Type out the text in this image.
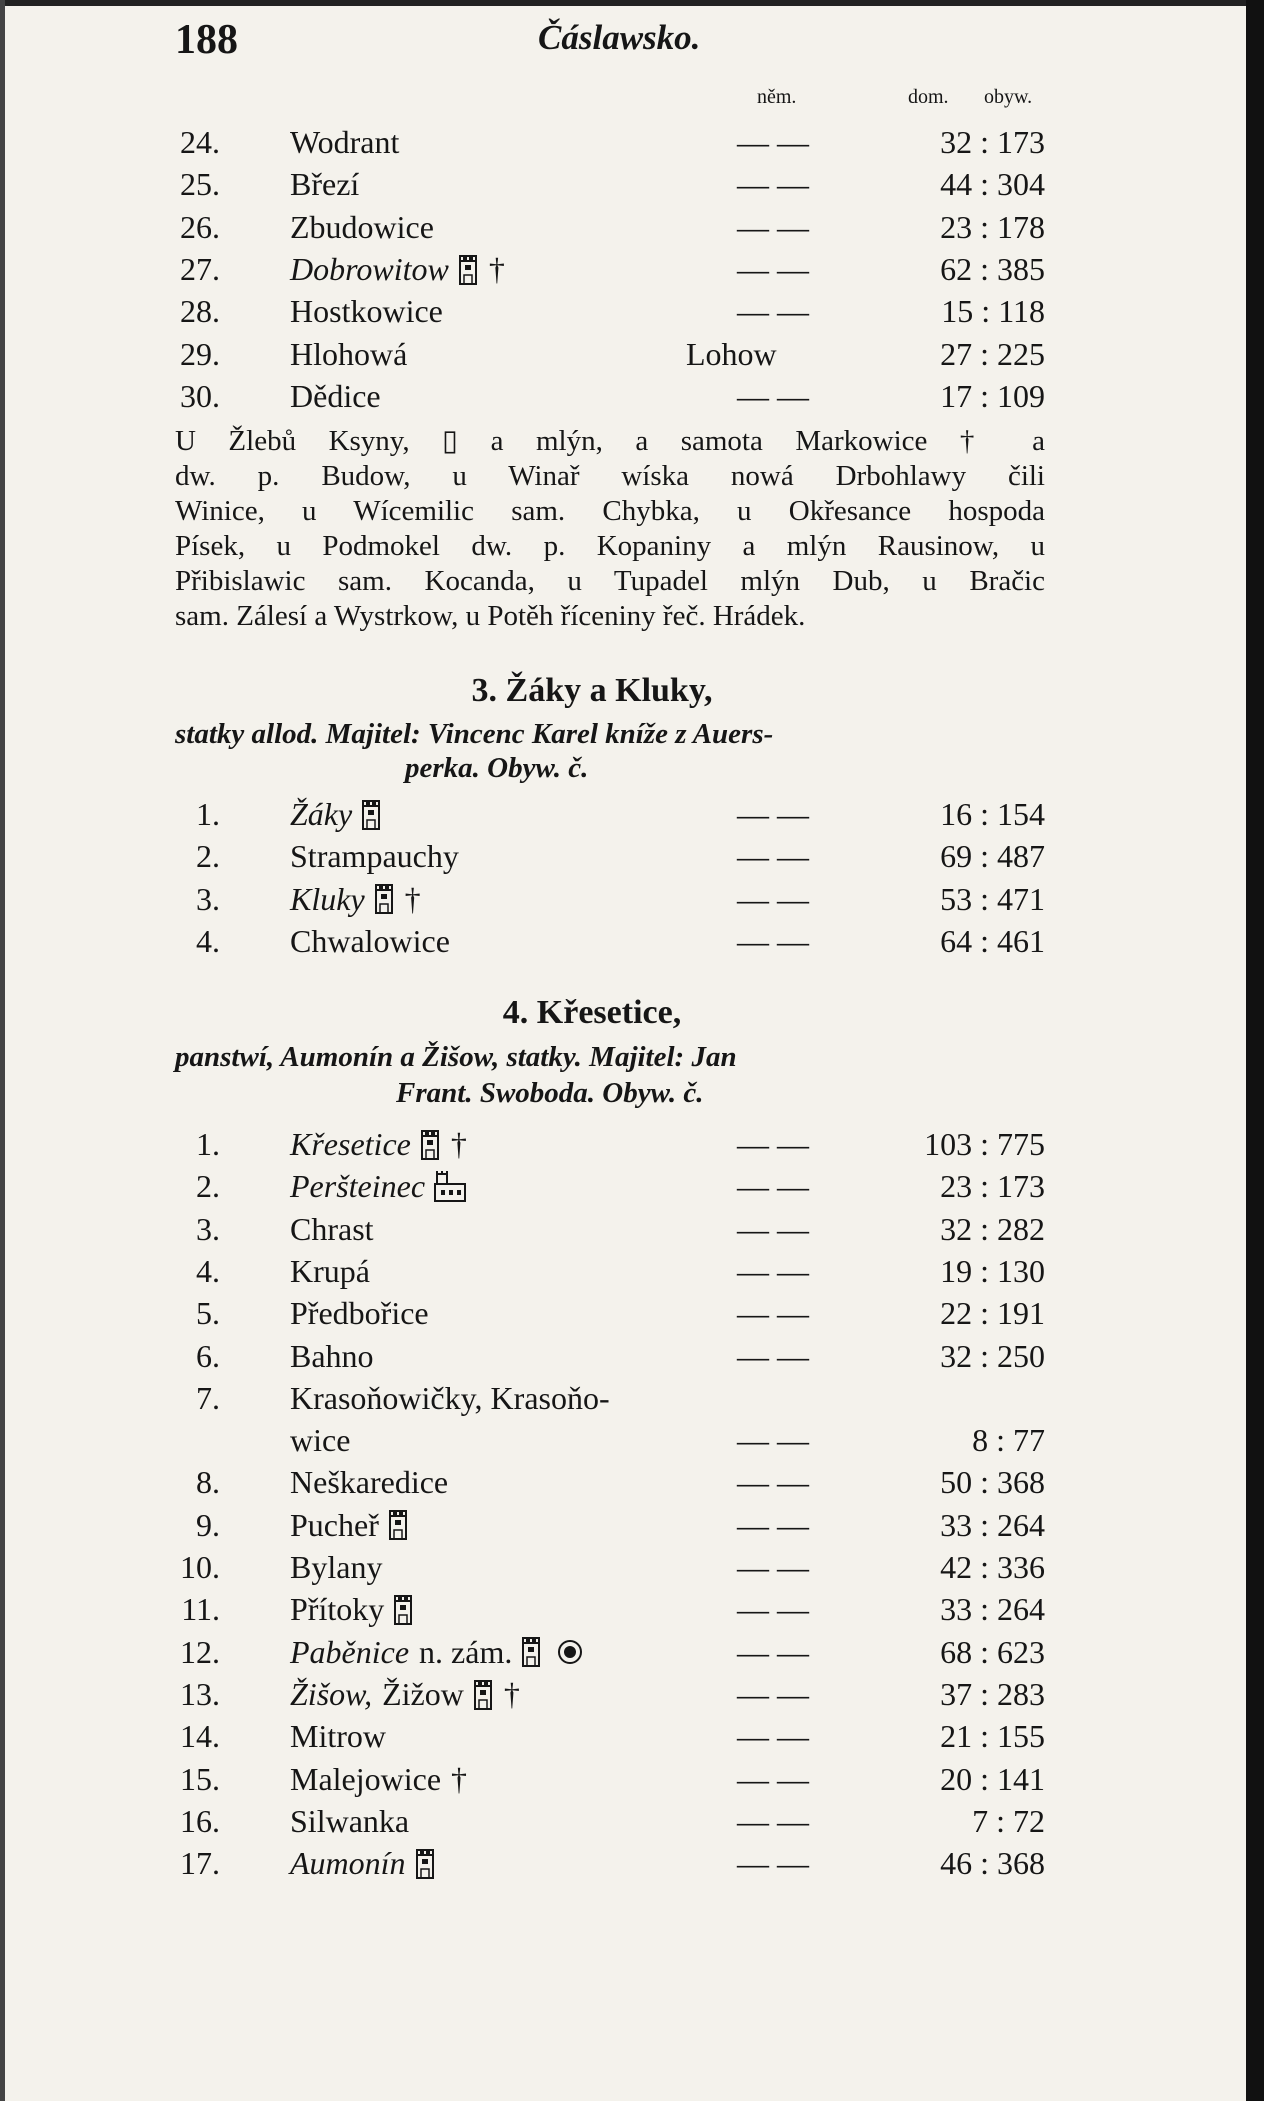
188	Čáslawsko.
něm.	dom. obyw.
24. Wodrant	— —	32 : 173
25. Březí	— —	44 : 304
26. Zbudowice	— —	23 : 178
27. Dobrowitow †	— —	62 : 385
28. Hostkowice	— —	15 : 118
29. Hlohowá	Lohow	27 : 225
30. Dědice	— —	17 : 109
U Žlebů Ksyny, ▯ a mlýn, a samota Markowice † a
dw. p. Budow, u Winař wíska nowá Drbohlawy čili
Winice, u Wícemilic sam. Chybka, u Okřesance hospoda
Písek, u Podmokel dw. p. Kopaniny a mlýn Rausinow, u
Přibislawic sam. Kocanda, u Tupadel mlýn Dub, u Bračic
sam. Zálesí a Wystrkow, u Potěh říceniny řeč. Hrádek.
3. Žáky a Kluky,
statky allod. Majitel: Vincenc Karel kníže z Auers-
perka. Obyw. č.
1. Žáky	— —	16 : 154
2. Strampauchy	— —	69 : 487
3. Kluky †	— —	53 : 471
4. Chwalowice	— —	64 : 461
4. Křesetice,
panstwí, Aumonín a Žišow, statky. Majitel: Jan
Frant. Swoboda. Obyw. č.
1. Křesetice †	— —	103 : 775
2. Peršteinec	— —	23 : 173
3. Chrast	— —	32 : 282
4. Krupá	— —	19 : 130
5. Předbořice	— —	22 : 191
6. Bahno	— —	32 : 250
7. Krasoňowičky, Krasoňo-
wice	— —	8 : 77
8. Neškaredice	— —	50 : 368
9. Pucheř	— —	33 : 264
10. Bylany	— —	42 : 336
11. Přítoky	— —	33 : 264
12. Paběnice n. zám.	— —	68 : 623
13. Žišow, Žižow †	— —	37 : 283
14. Mitrow	— —	21 : 155
15. Malejowice †	— —	20 : 141
16. Silwanka	— —	7 : 72
17. Aumonín	— —	46 : 368
